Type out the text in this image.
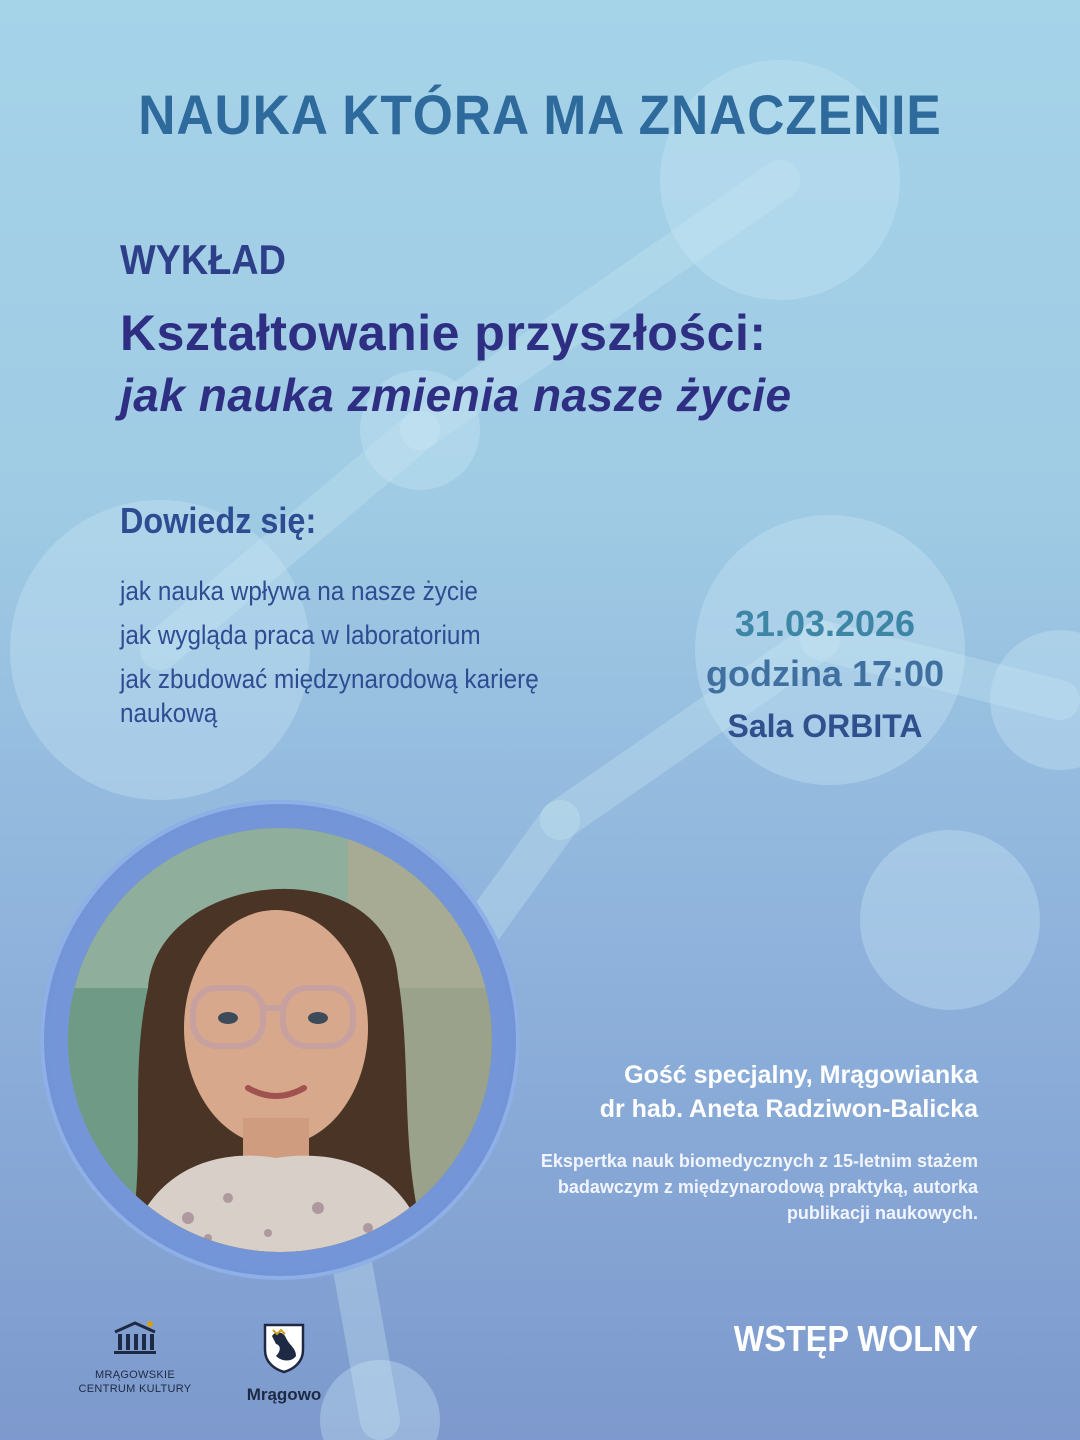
NAUKA KTÓRA MA ZNACZENIE
WYKŁAD
Kształtowanie przyszłości:
jak nauka zmienia nasze życie
Dowiedz się:
jak nauka wpływa na nasze życie
jak wygląda praca w laboratorium
jak zbudować międzynarodową karierę naukową
31.03.2026
godzina 17:00
Sala ORBITA
Gość specjalny, Mrągowianka
dr hab. Aneta Radziwon-Balicka
Ekspertka nauk biomedycznych z 15-letnim stażem badawczym z międzynarodową praktyką, autorka publikacji naukowych.
WSTĘP WOLNY
MRĄGOWSKIE
CENTRUM KULTURY	Mrągowo
